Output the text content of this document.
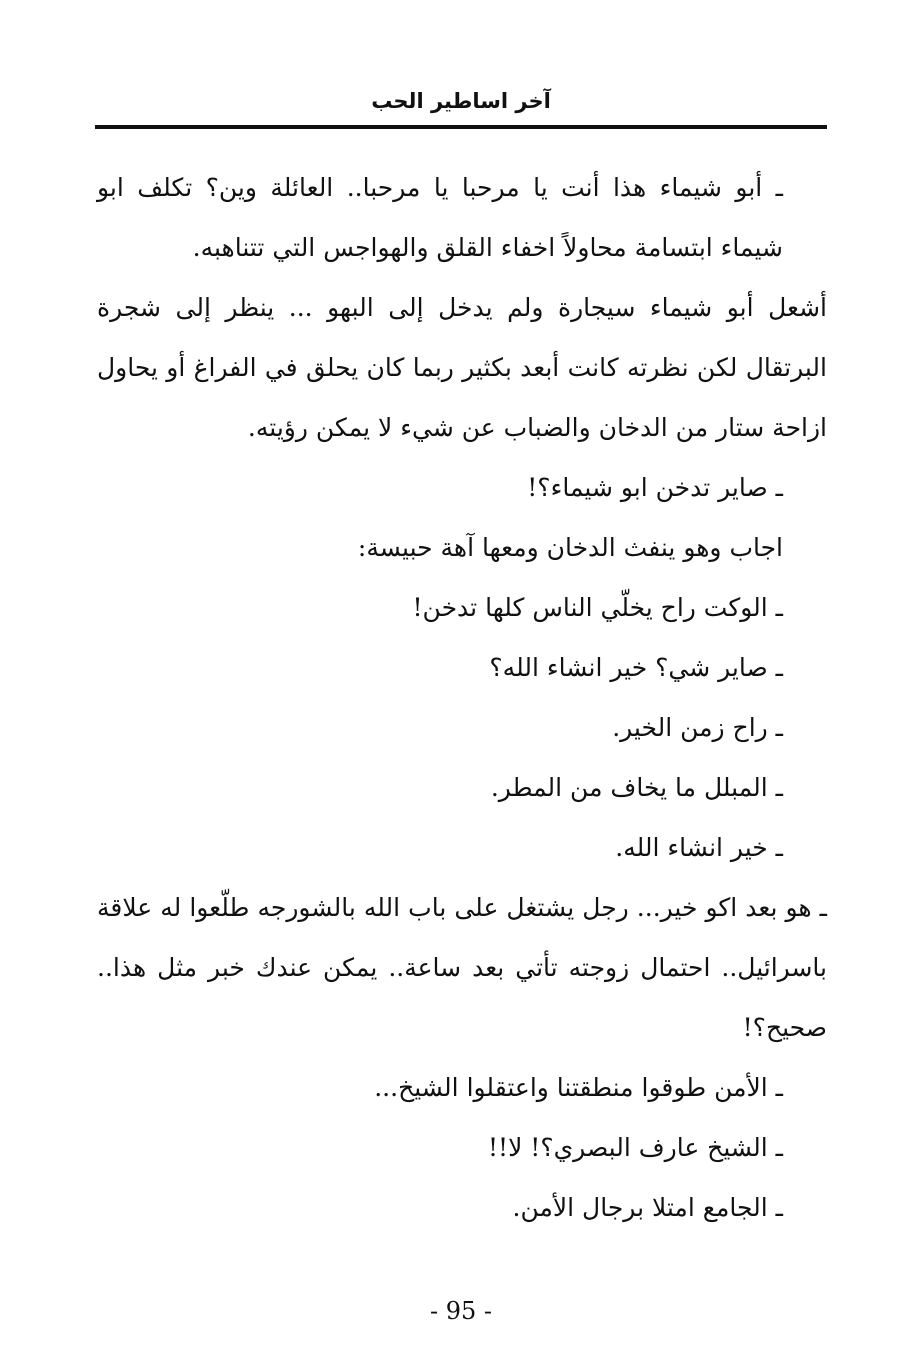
آخر اساطير الحب

ـ أبو شيماء هذا أنت يا مرحبا يا مرحبا.. العائلة وين؟ تكلف ابو شيماء ابتسامة محاولاً اخفاء القلق والهواجس التي تتناهبه.

أشعل أبو شيماء سيجارة ولم يدخل إلى البهو ... ينظر إلى شجرة البرتقال لكن نظرته كانت أبعد بكثير ربما كان يحلق في الفراغ أو يحاول ازاحة ستار من الدخان والضباب عن شيء لا يمكن رؤيته.

ـ صاير تدخن ابو شيماء؟!

اجاب وهو ينفث الدخان ومعها آهة حبيسة:

ـ الوكت راح يخلّي الناس كلها تدخن!

ـ صاير شي؟ خير انشاء الله؟

ـ راح زمن الخير.

ـ المبلل ما يخاف من المطر.

ـ خير انشاء الله.

ـ هو بعد اكو خير... رجل يشتغل على باب الله بالشورجه طلّعوا له علاقة باسرائيل.. احتمال زوجته تأتي بعد ساعة.. يمكن عندك خبر مثل هذا.. صحيح؟!

ـ الأمن طوقوا منطقتنا واعتقلوا الشيخ...

ـ الشيخ عارف البصري؟! لا!!

ـ الجامع امتلا برجال الأمن.

- 95 -
